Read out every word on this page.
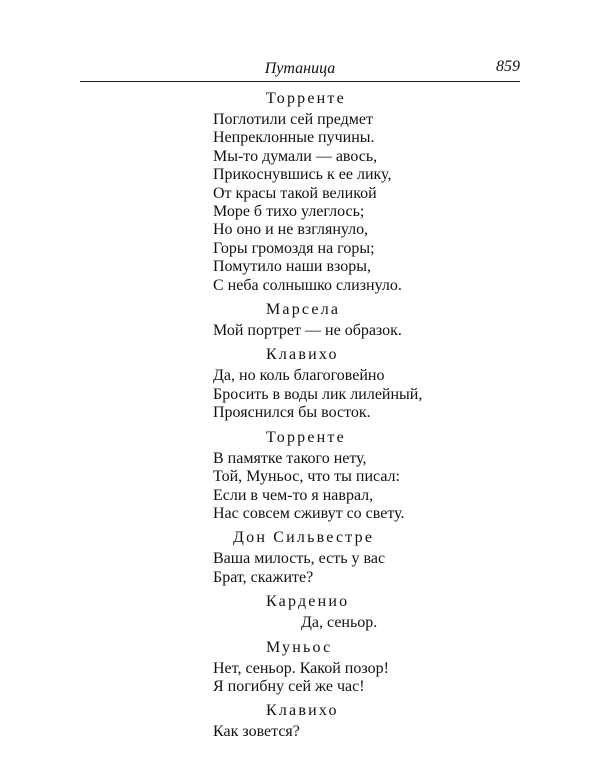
Путаница	859
Торренте
Поглотили сей предмет
Непреклонные пучины.
Мы-то думали — авось,
Прикоснувшись к ее лику,
От красы такой великой
Море б тихо улеглось;
Но оно и не взглянуло,
Горы громоздя на горы;
Помутило наши взоры,
С неба солнышко слизнуло.
Марсела
Мой портрет — не образок.
Клавихо
Да, но коль благоговейно
Бросить в воды лик лилейный,
Прояснился бы восток.
Торренте
В памятке такого нету,
Той, Муньос, что ты писал:
Если в чем-то я наврал,
Нас совсем сживут со свету.
Дон Сильвестре
Ваша милость, есть у вас
Брат, скажите?
Карденио
Да, сеньор.
Муньос
Нет, сеньор. Какой позор!
Я погибну сей же час!
Клавихо
Как зовется?
